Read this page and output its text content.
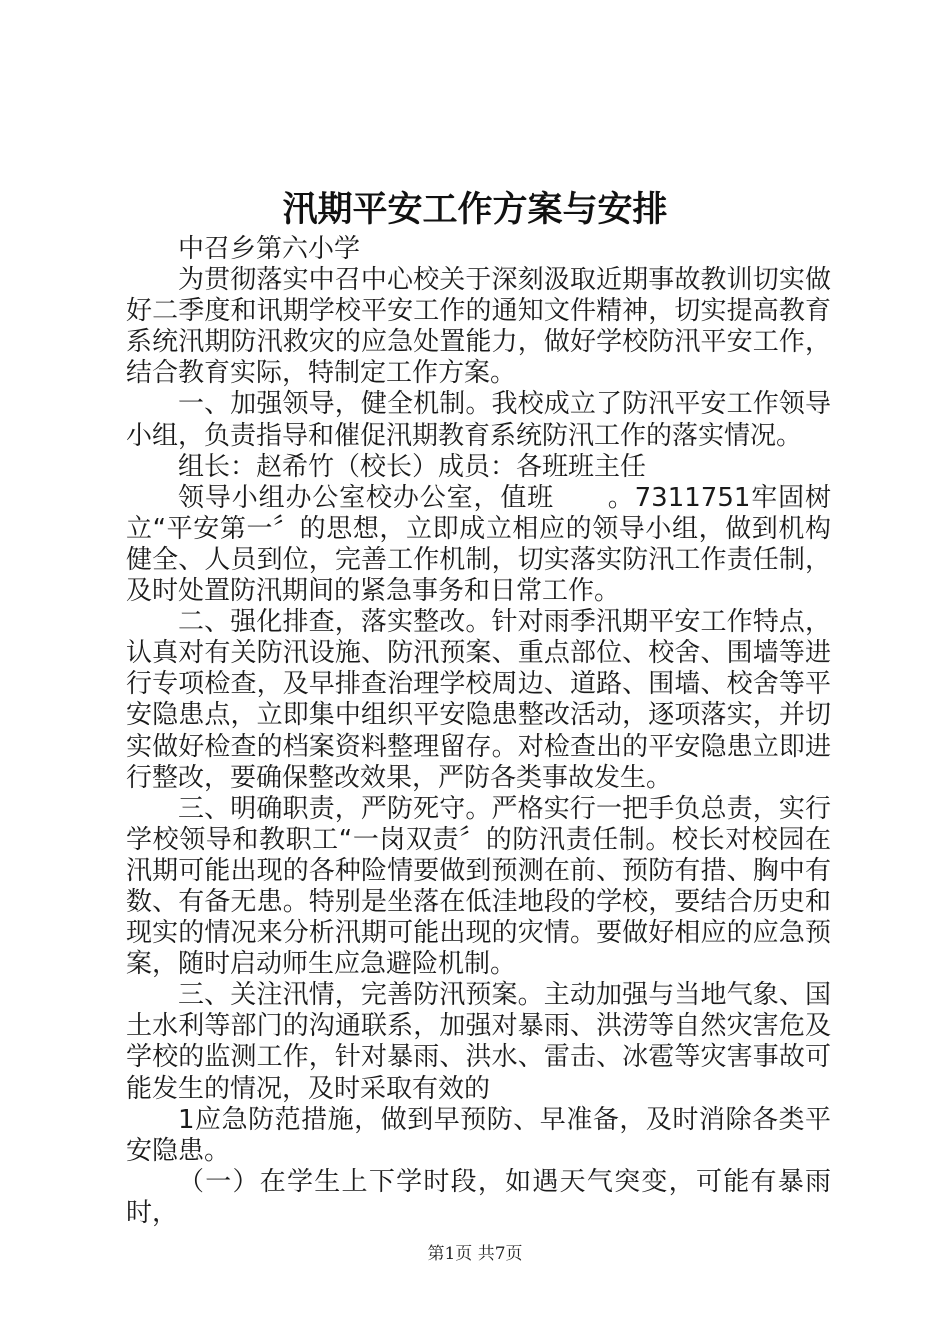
汛期平安工作方案与安排

中召乡第六小学

为贯彻落实中召中心校关于深刻汲取近期事故教训切实做好二季度和讯期学校平安工作的通知文件精神，切实提高教育系统汛期防汛救灾的应急处置能力，做好学校防汛平安工作，结合教育实际，特制定工作方案。

一、加强领导，健全机制。我校成立了防汛平安工作领导小组，负责指导和催促汛期教育系统防汛工作的落实情况。

组长：赵希竹（校长）成员：各班班主任

领导小组办公室校办公室，值班　　。7311751牢固树立“平安第一〞的思想，立即成立相应的领导小组，做到机构健全、人员到位，完善工作机制，切实落实防汛工作责任制，及时处置防汛期间的紧急事务和日常工作。

二、强化排查，落实整改。针对雨季汛期平安工作特点，认真对有关防汛设施、防汛预案、重点部位、校舍、围墙等进行专项检查，及早排查治理学校周边、道路、围墙、校舍等平安隐患点，立即集中组织平安隐患整改活动，逐项落实，并切实做好检查的档案资料整理留存。对检查出的平安隐患立即进行整改，要确保整改效果，严防各类事故发生。

三、明确职责，严防死守。严格实行一把手负总责，实行学校领导和教职工“一岗双责〞的防汛责任制。校长对校园在汛期可能出现的各种险情要做到预测在前、预防有措、胸中有数、有备无患。特别是坐落在低洼地段的学校，要结合历史和现实的情况来分析汛期可能出现的灾情。要做好相应的应急预案，随时启动师生应急避险机制。

三、关注汛情，完善防汛预案。主动加强与当地气象、国土水利等部门的沟通联系，加强对暴雨、洪涝等自然灾害危及学校的监测工作，针对暴雨、洪水、雷击、冰雹等灾害事故可能发生的情况，及时采取有效的

1应急防范措施，做到早预防、早准备，及时消除各类平安隐患。

（一）在学生上下学时段，如遇天气突变，可能有暴雨时，

第1页 共7页
